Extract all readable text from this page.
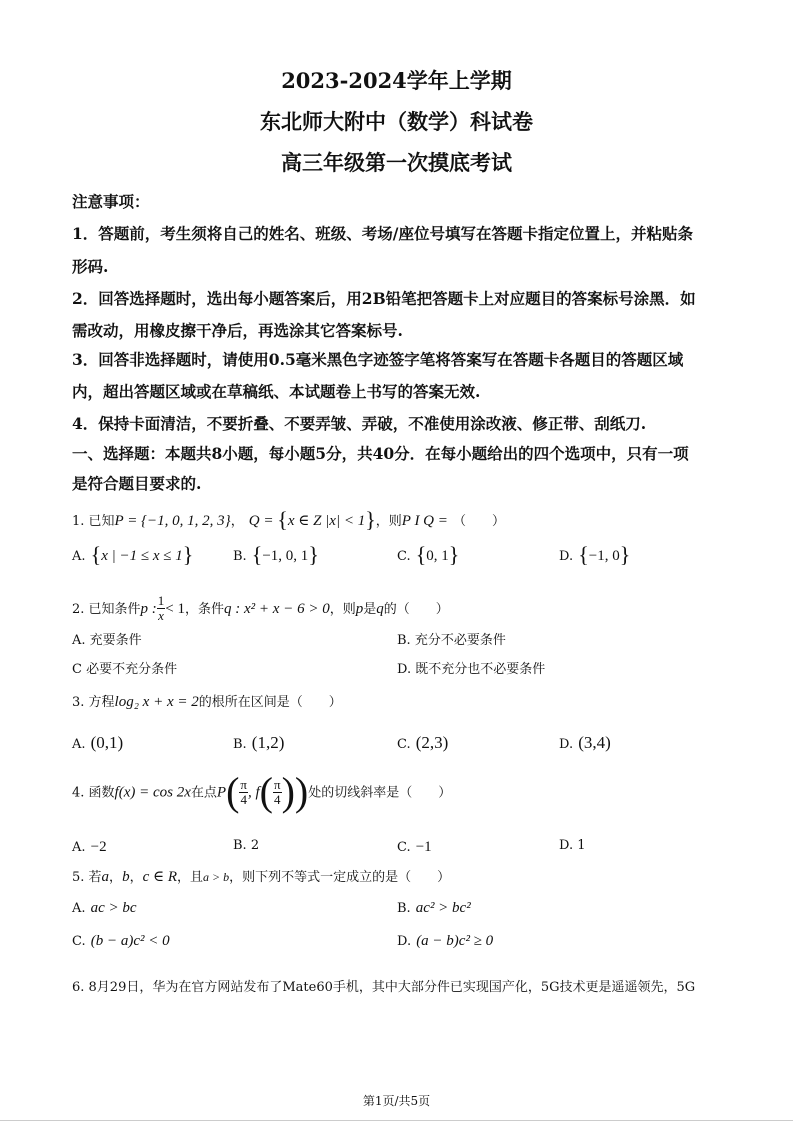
2023-2024学年上学期
东北师大附中（数学）科试卷
高三年级第一次摸底考试
注意事项：
1．答题前，考生须将自己的姓名、班级、考场/座位号填写在答题卡指定位置上，并粘贴条
形码.
2．回答选择题时，选出每小题答案后，用2B铅笔把答题卡上对应题目的答案标号涂黑．如
需改动，用橡皮擦干净后，再选涂其它答案标号.
3．回答非选择题时，请使用0.5毫米黑色字迹签字笔将答案写在答题卡各题目的答题区域
内，超出答题区域或在草稿纸、本试题卷上书写的答案无效.
4．保持卡面清洁，不要折叠、不要弄皱、弄破，不准使用涂改液、修正带、刮纸刀.
一、选择题：本题共8小题，每小题5分，共40分．在每小题给出的四个选项中，只有一项
是符合题目要求的.
1. 已知P = {−1, 0, 1, 2, 3}， Q = {x ∈ Z |x| < 1}，则P I Q = （　　）
A. {x | −1 ≤ x ≤ 1}	B. {−1, 0, 1}	C. {0, 1}	D. {−1, 0}
2. 已知条件p : $\frac{1}{x} < 1$，条件q : x² + x − 6 > 0，则p是q的（　　）
A. 充要条件	B. 充分不必要条件
C 必要不充分条件	D. 既不充分也不必要条件
3. 方程log₂ x + x = 2的根所在区间是（　　）
A. (0,1)	B. (1,2)	C. (2,3)	D. (3,4)
4. 函数f(x) = cos 2x在点$P( \frac{\pi}{4}$ , $f( \frac{\pi}{4}$ ))处的切线斜率是（　　）
A. −2	B. 2	C. −1	D. 1
5. 若a，b，c ∈ R，且a > b，则下列不等式一定成立的是（　　）
A. ac > bc	B. ac² > bc²
C. (b − a)c² < 0	D. (a − b)c² ≥ 0
6. 8月29日，华为在官方网站发布了Mate60手机，其中大部分件已实现国产化，5G技术更是遥遥领先，5G
第1页/共5页
